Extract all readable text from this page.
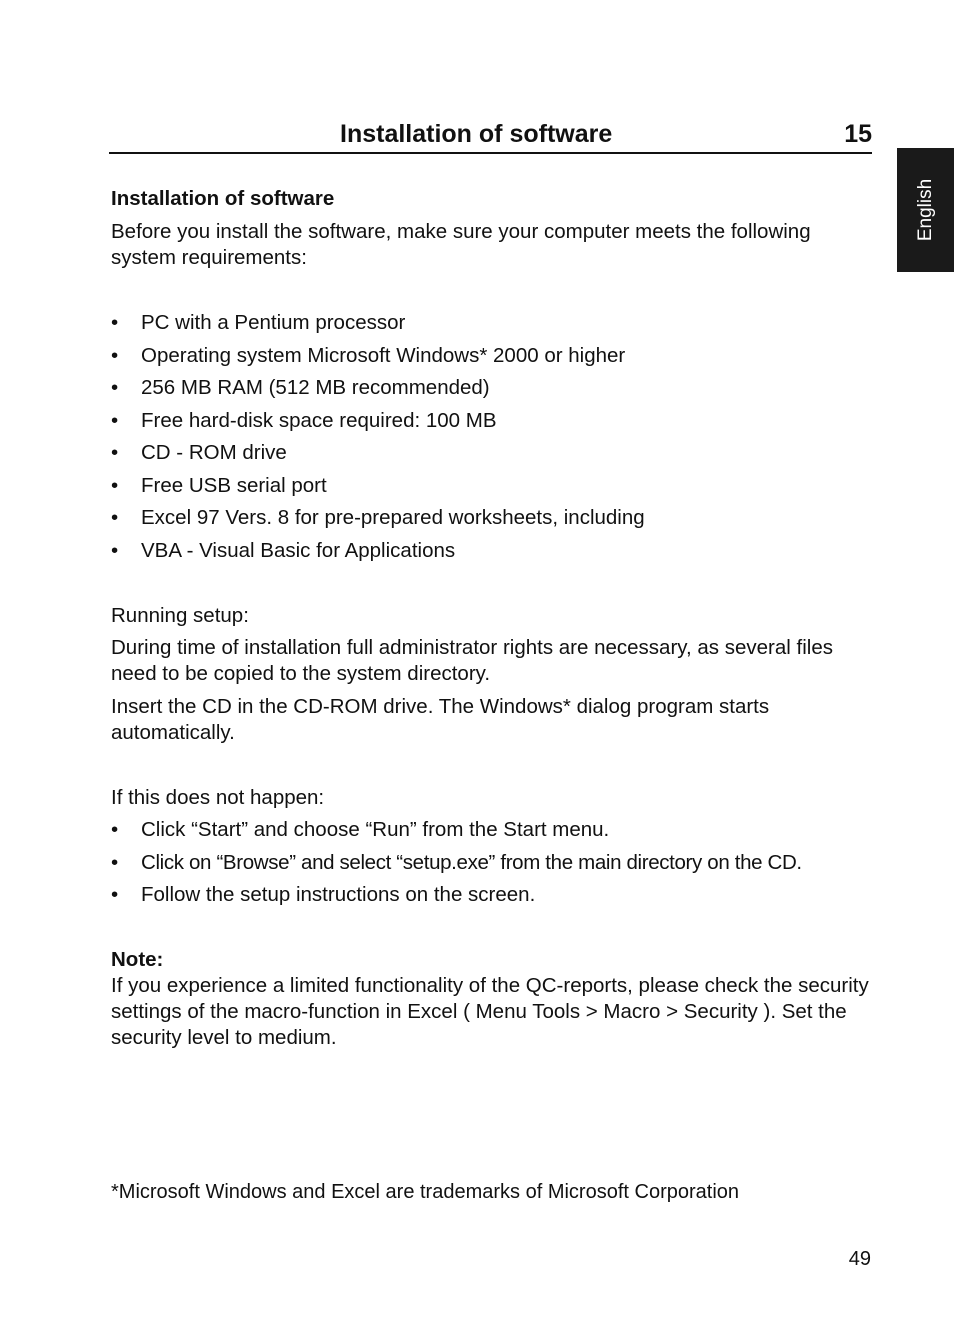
Installation of software	15
English

Installation of software

Before you install the software, make sure your computer meets the following system requirements:

• PC with a Pentium processor
• Operating system Microsoft Windows* 2000 or higher
• 256 MB RAM (512 MB recommended)
• Free hard-disk space required: 100 MB
• CD - ROM drive
• Free USB serial port
• Excel 97 Vers. 8 for pre-prepared worksheets, including
• VBA - Visual Basic for Applications

Running setup:

During time of installation full administrator rights are necessary, as several files need to be copied to the system directory.

Insert the CD in the CD-ROM drive. The Windows* dialog program starts automatically.

If this does not happen:

• Click “Start” and choose “Run” from the Start menu.
• Click on “Browse” and select “setup.exe” from the main directory on the CD.
• Follow the setup instructions on the screen.

Note:

If you experience a limited functionality of the QC-reports, please check the security settings of the macro-function in Excel ( Menu Tools > Macro > Security ). Set the security level to medium.

*Microsoft Windows and Excel are trademarks of Microsoft Corporation
49
